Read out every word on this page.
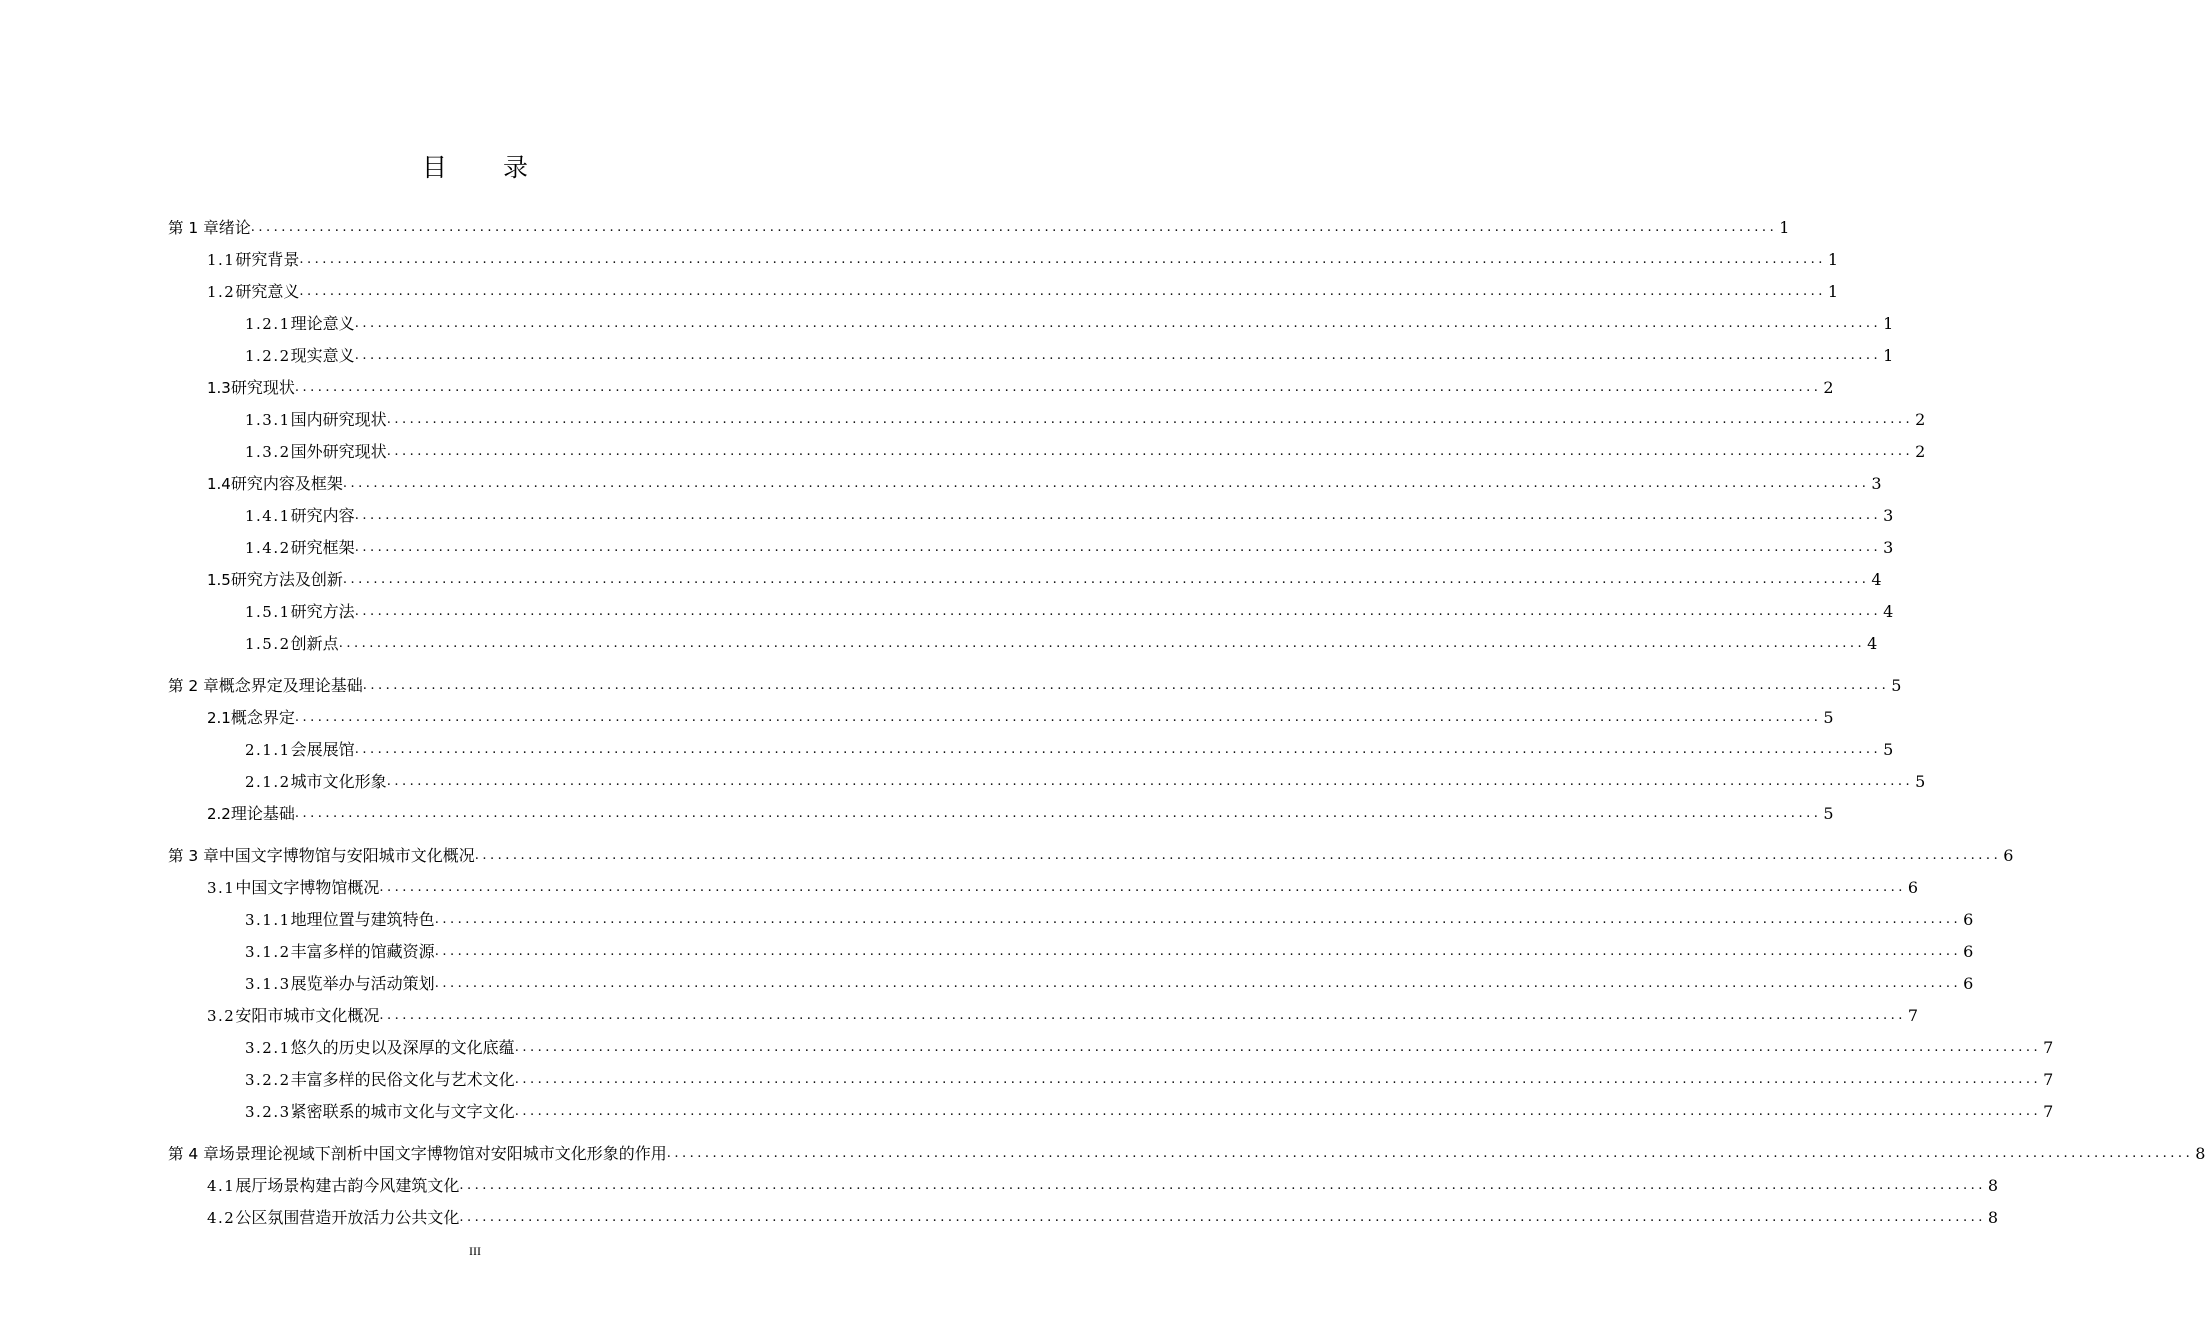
目 录
第 1 章 绪论 ........................................................................................................................................................................................................ 1
1.1 研究背景 ........................................................................................................................................................................................................ 1
1.2 研究意义 ........................................................................................................................................................................................................ 1
1.2.1 理论意义 ........................................................................................................................................................................................................ 1
1.2.2 现实意义 ........................................................................................................................................................................................................ 1
1.3 研究现状 ........................................................................................................................................................................................................ 2
1.3.1 国内研究现状 ........................................................................................................................................................................................................ 2
1.3.2 国外研究现状 ........................................................................................................................................................................................................ 2
1.4 研究内容及框架 ........................................................................................................................................................................................................ 3
1.4.1 研究内容 ........................................................................................................................................................................................................ 3
1.4.2 研究框架 ........................................................................................................................................................................................................ 3
1.5 研究方法及创新 ........................................................................................................................................................................................................ 4
1.5.1 研究方法 ........................................................................................................................................................................................................ 4
1.5.2 创新点 ........................................................................................................................................................................................................ 4
第 2 章 概念界定及理论基础 ........................................................................................................................................................................................................ 5
2.1 概念界定 ........................................................................................................................................................................................................ 5
2.1.1 会展展馆 ........................................................................................................................................................................................................ 5
2.1.2 城市文化形象 ........................................................................................................................................................................................................ 5
2.2 理论基础 ........................................................................................................................................................................................................ 5
第 3 章 中国文字博物馆与安阳城市文化概况 ........................................................................................................................................................................................................ 6
3.1 中国文字博物馆概况 ........................................................................................................................................................................................................ 6
3.1.1 地理位置与建筑特色 ........................................................................................................................................................................................................ 6
3.1.2 丰富多样的馆藏资源 ........................................................................................................................................................................................................ 6
3.1.3 展览举办与活动策划 ........................................................................................................................................................................................................ 6
3.2 安阳市城市文化概况 ........................................................................................................................................................................................................ 7
3.2.1 悠久的历史以及深厚的文化底蕴 ........................................................................................................................................................................................................ 7
3.2.2 丰富多样的民俗文化与艺术文化 ........................................................................................................................................................................................................ 7
3.2.3 紧密联系的城市文化与文字文化 ........................................................................................................................................................................................................ 7
第 4 章 场景理论视域下剖析中国文字博物馆对安阳城市文化形象的作用 ........................................................................................................................................................................................................ 8
4.1 展厅场景构建古韵今风建筑文化 ........................................................................................................................................................................................................ 8
4.2 公区氛围营造开放活力公共文化 ........................................................................................................................................................................................................ 8
III
